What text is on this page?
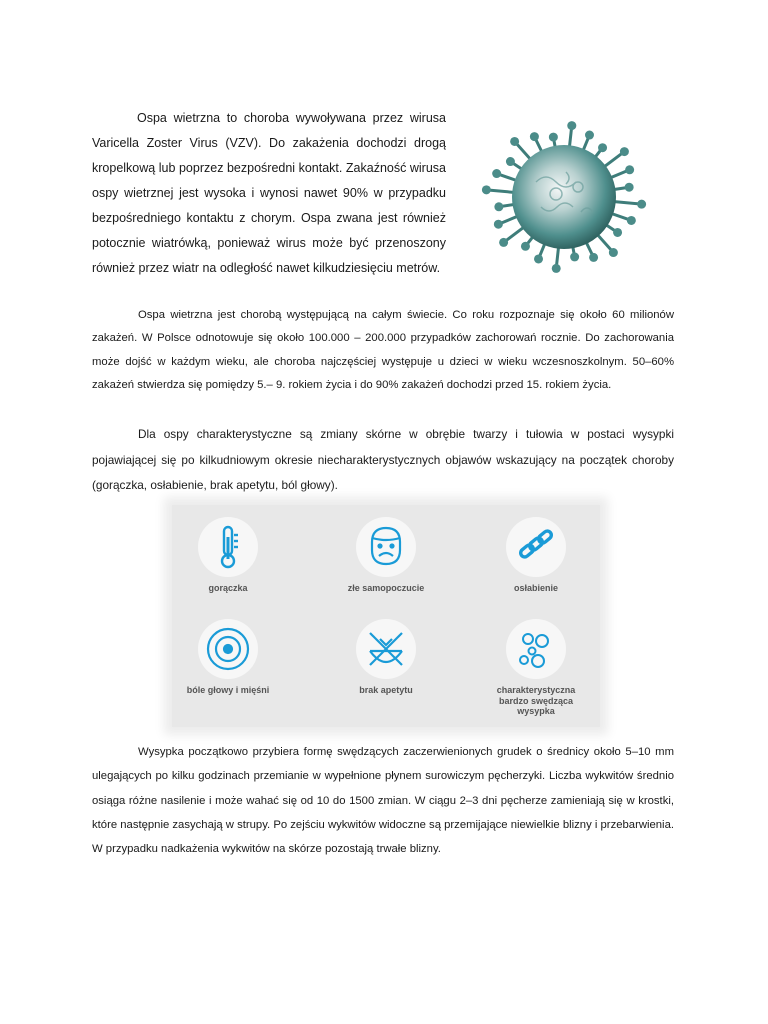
Ospa wietrzna to choroba wywoływana przez wirusa Varicella Zoster Virus (VZV). Do zakażenia dochodzi drogą kropelkową lub poprzez bezpośredni kontakt. Zakaźność wirusa ospy wietrznej jest wysoka i wynosi nawet 90% w przypadku bezpośredniego kontaktu z chorym. Ospa zwana jest również potocznie wiatrówką, ponieważ wirus może być przenoszony również przez wiatr na odległość nawet kilkudziesięciu metrów.

Ospa wietrzna jest chorobą występującą na całym świecie. Co roku rozpoznaje się około 60 milionów zakażeń. W Polsce odnotowuje się około 100.000 – 200.000 przypadków zachorowań rocznie. Do zachorowania może dojść w każdym wieku, ale choroba najczęściej występuje u dzieci w wieku wczesnoszkolnym. 50–60% zakażeń stwierdza się pomiędzy 5.– 9. rokiem życia i do 90% zakażeń dochodzi przed 15. rokiem życia.

Dla ospy charakterystyczne są zmiany skórne w obrębie twarzy i tułowia w postaci wysypki pojawiającej się po kilkudniowym okresie niecharakterystycznych objawów wskazujący na początek choroby (gorączka, osłabienie, brak apetytu, ból głowy).

gorączka	złe samopoczucie	osłabienie
bóle głowy i mięśni	brak apetytu	charakterystyczna bardzo swędząca wysypka

Wysypka początkowo przybiera formę swędzących zaczerwienionych grudek o średnicy około 5–10 mm ulegających po kilku godzinach przemianie w wypełnione płynem surowiczym pęcherzyki. Liczba wykwitów średnio osiąga różne nasilenie i może wahać się od 10 do 1500 zmian. W ciągu 2–3 dni pęcherze zamieniają się w krostki, które następnie zasychają w strupy. Po zejściu wykwitów widoczne są przemijające niewielkie blizny i przebarwienia. W przypadku nadkażenia wykwitów na skórze pozostają trwałe blizny.
